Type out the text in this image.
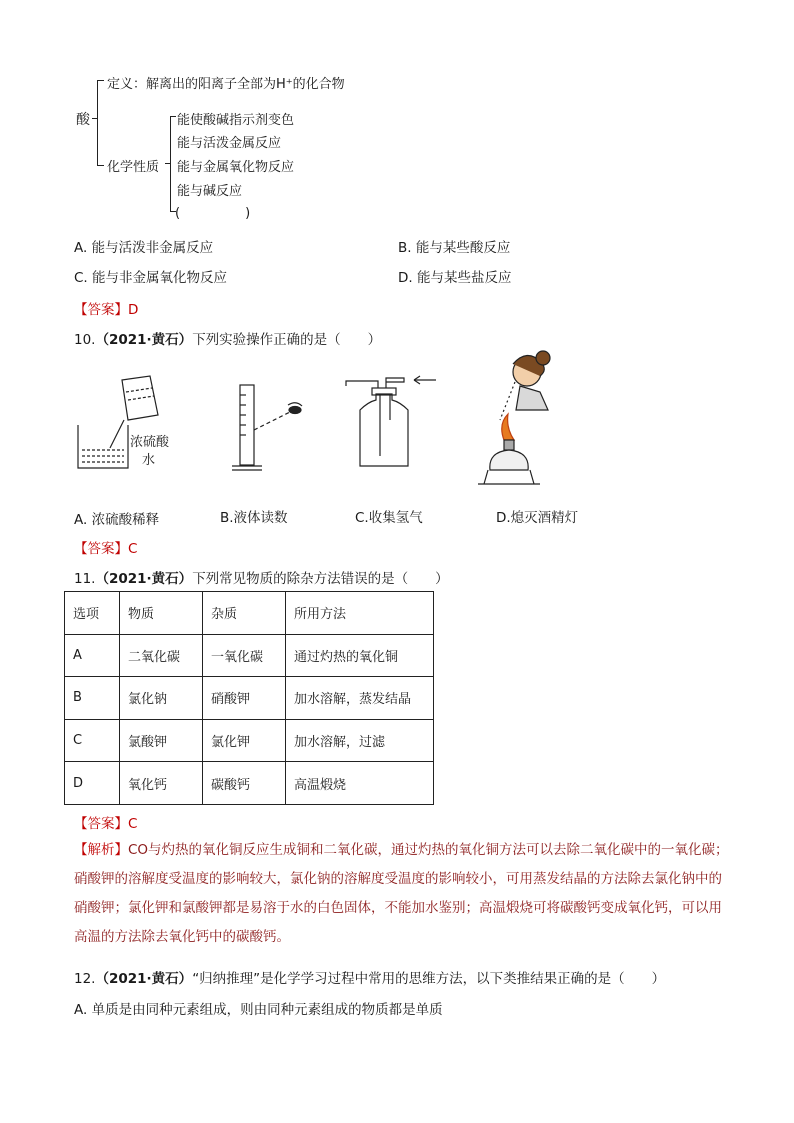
酸
定义：解离出的阳离子全部为H⁺的化合物
化学性质
能使酸碱指示剂变色
能与活泼金属反应
能与金属氧化物反应
能与碱反应
(　　　　　)
A. 能与活泼非金属反应	B. 能与某些酸反应
C. 能与非金属氧化物反应	D. 能与某些盐反应
【答案】D
10.（2021·黄石）下列实验操作正确的是（　　）
浓硫酸
水
A. 浓硫酸稀释	B.液体读数	C.收集氢气	D.熄灭酒精灯
【答案】C
11.（2021·黄石）下列常见物质的除杂方法错误的是（　　）
选项	物质	杂质	所用方法
A	二氧化碳	一氧化碳	通过灼热的氧化铜
B	氯化钠	硝酸钾	加水溶解，蒸发结晶
C	氯酸钾	氯化钾	加水溶解，过滤
D	氧化钙	碳酸钙	高温煅烧
【答案】C
【解析】CO与灼热的氧化铜反应生成铜和二氧化碳，通过灼热的氧化铜方法可以去除二氧化碳中的一氧化碳；硝酸钾的溶解度受温度的影响较大，氯化钠的溶解度受温度的影响较小，可用蒸发结晶的方法除去氯化钠中的硝酸钾；氯化钾和氯酸钾都是易溶于水的白色固体，不能加水鉴别；高温煅烧可将碳酸钙变成氧化钙，可以用高温的方法除去氧化钙中的碳酸钙。
12.（2021·黄石）“归纳推理”是化学学习过程中常用的思维方法，以下类推结果正确的是（　　）
A. 单质是由同种元素组成，则由同种元素组成的物质都是单质
